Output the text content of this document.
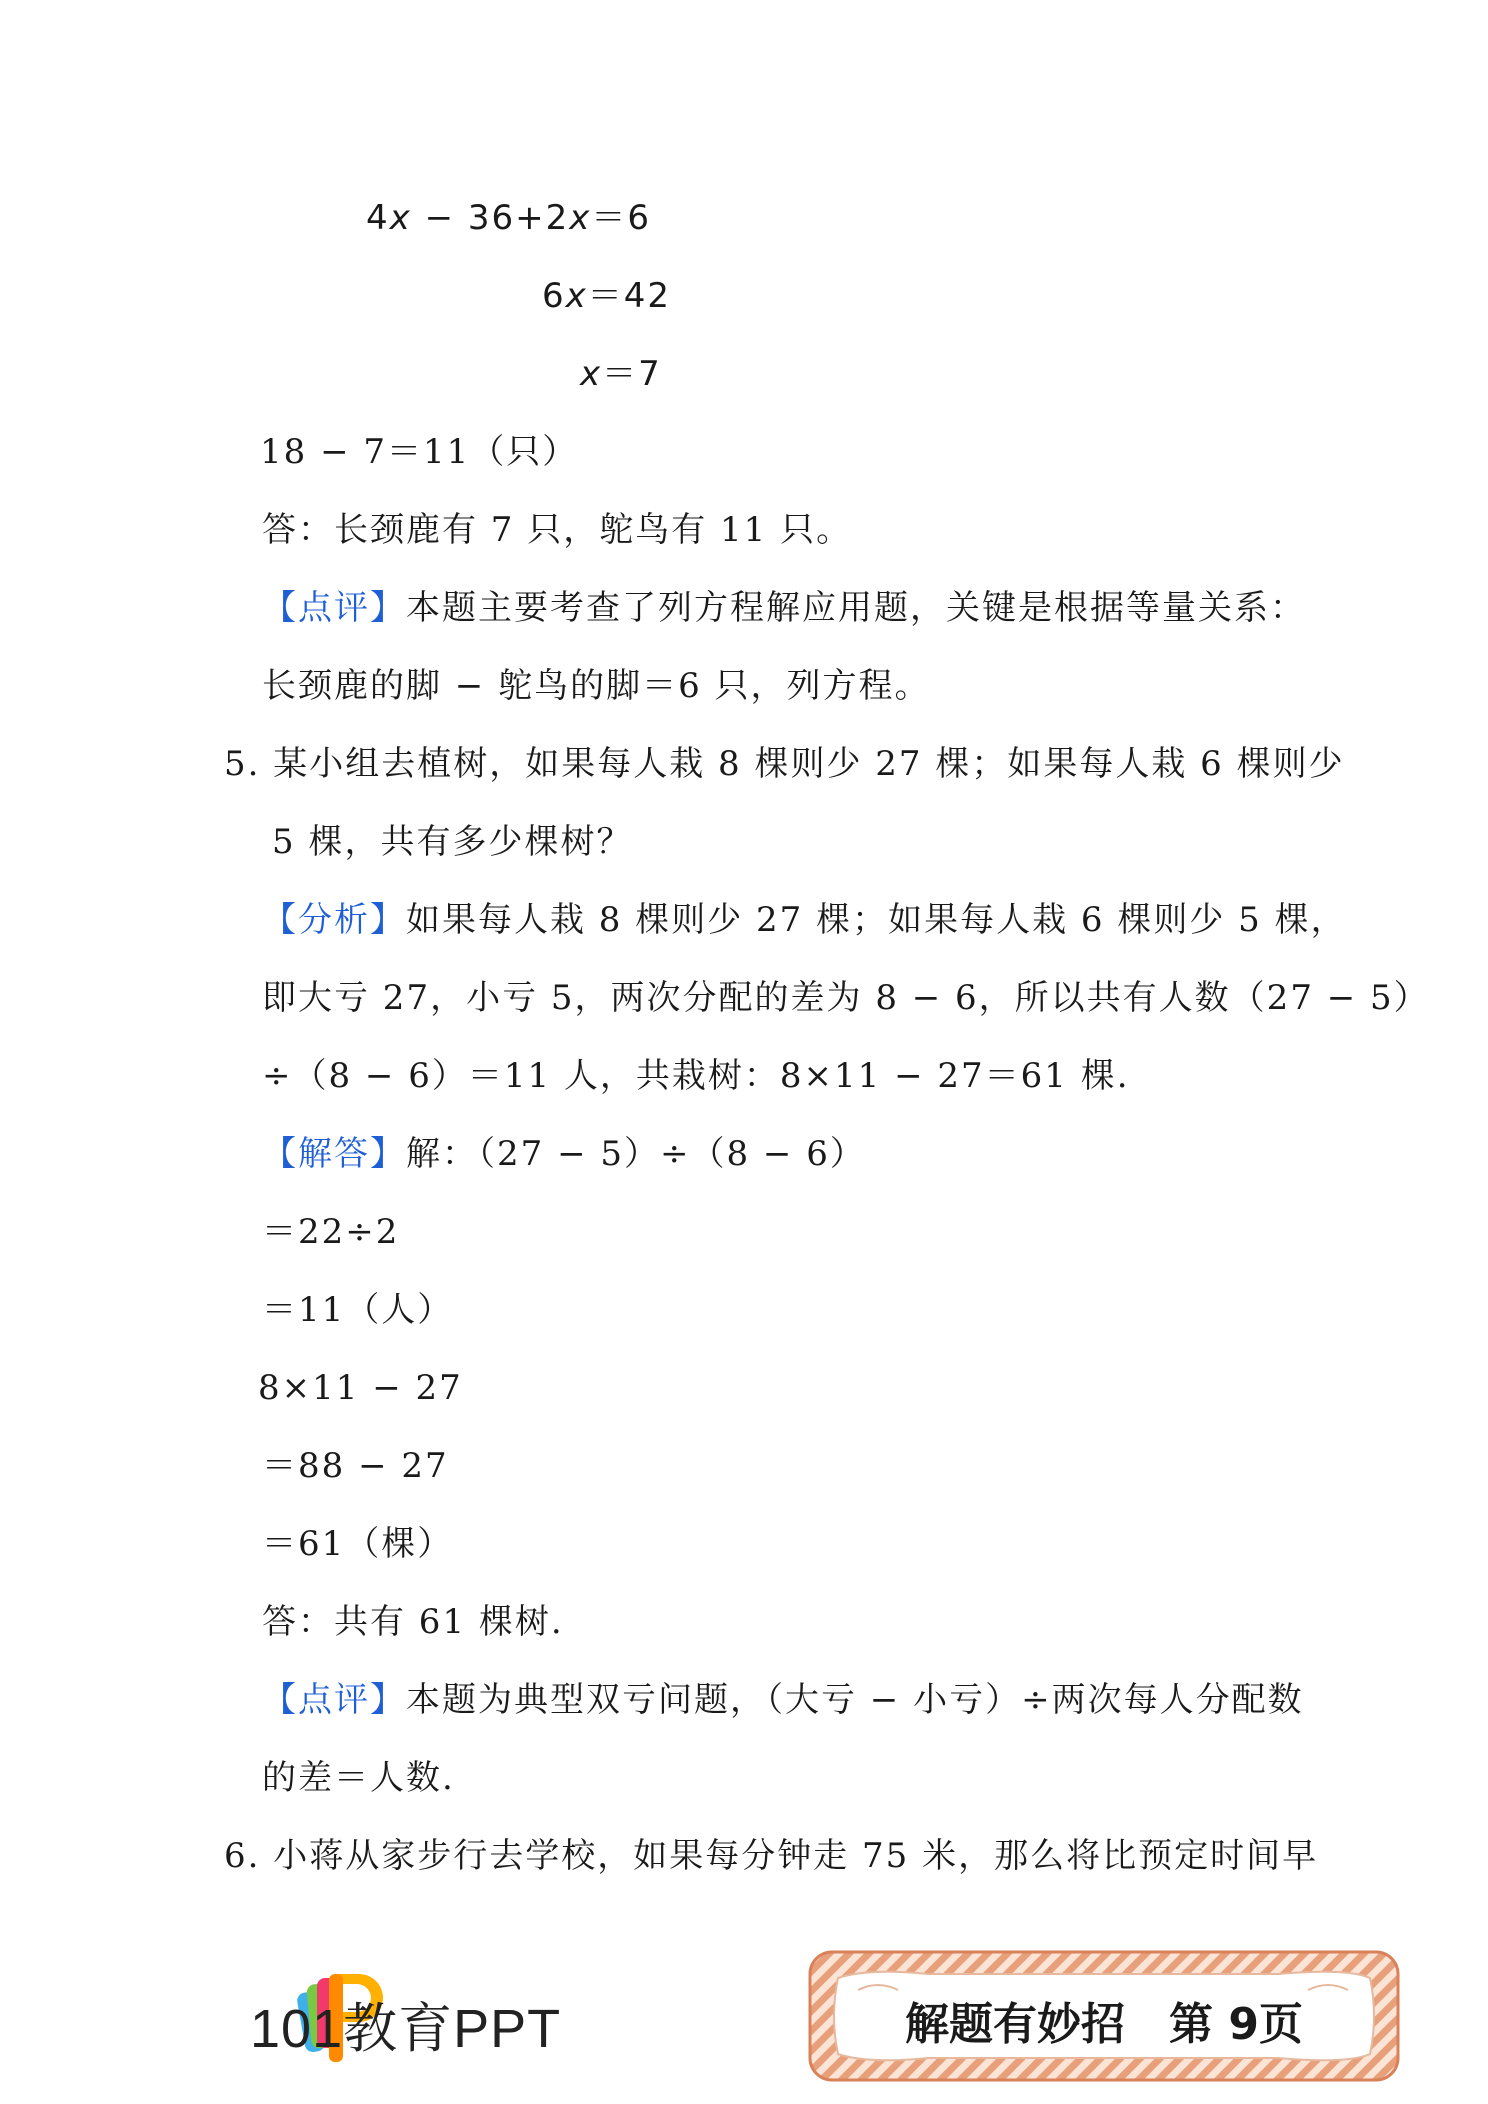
4x − 36+2x＝6
6x＝42
x＝7
18 − 7＝11（只）
答：长颈鹿有 7 只，鸵鸟有 11 只。
【点评】本题主要考查了列方程解应用题，关键是根据等量关系：
长颈鹿的脚 − 鸵鸟的脚＝6 只，列方程。
5. 某小组去植树，如果每人栽 8 棵则少 27 棵；如果每人栽 6 棵则少
5 棵，共有多少棵树？
【分析】如果每人栽 8 棵则少 27 棵；如果每人栽 6 棵则少 5 棵，
即大亏 27，小亏 5，两次分配的差为 8 − 6，所以共有人数（27 − 5）
÷（8 − 6）＝11 人，共栽树：8×11 − 27＝61 棵.
【解答】解：（27 − 5）÷（8 − 6）
＝22÷2
＝11（人）
8×11 − 27
＝88 − 27
＝61（棵）
答：共有 61 棵树.
【点评】本题为典型双亏问题，（大亏 − 小亏）÷两次每人分配数
的差＝人数.
6. 小蒋从家步行去学校，如果每分钟走 75 米，那么将比预定时间早
101教育PPT	解题有妙招　第 9页
